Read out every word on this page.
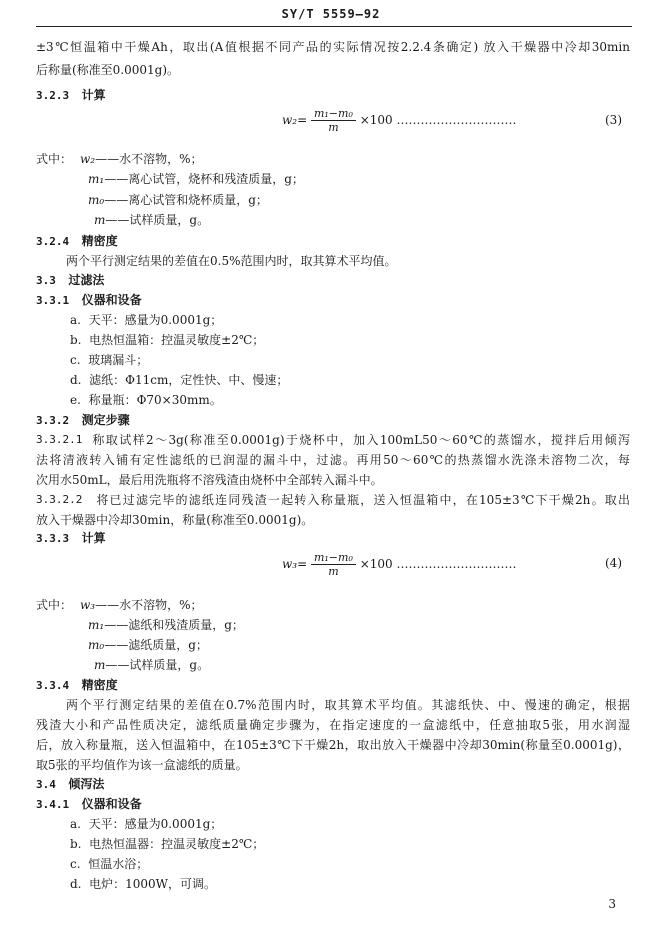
SY/T 5559—92
±3℃恒温箱中干燥Ah，取出(A值根据不同产品的实际情况按2.2.4条确定) 放入干燥器中冷却30min
后称量(称准至0.0001g)。
3.2.3 计算
$w_2= \frac{\text{m₁−m₀}}{m} \times 100$ …………………………	(3)
式中： w₂——水不溶物，%；
m₁——离心试管，烧杯和残渣质量，g；
m₀——离心试管和烧杯质量，g；
m——试样质量，g。
3.2.4 精密度
两个平行测定结果的差值在0.5%范围内时，取其算术平均值。
3.3 过滤法
3.3.1 仪器和设备
a. 天平：感量为0.0001g；
b. 电热恒温箱：控温灵敏度±2℃；
c. 玻璃漏斗；
d. 滤纸：Φ11cm，定性快、中、慢速；
e. 称量瓶：Φ70×30mm。
3.3.2 测定步骤
3.3.2.1 称取试样2～3g(称准至0.0001g)于烧杯中，加入100mL50～60℃的蒸馏水，搅拌后用倾泻
法将清液转入铺有定性滤纸的已润湿的漏斗中，过滤。再用50～60℃的热蒸馏水洗涤未溶物二次，每
次用水50mL，最后用洗瓶将不溶残渣由烧杯中全部转入漏斗中。
3.3.2.2 将已过滤完毕的滤纸连同残渣一起转入称量瓶，送入恒温箱中，在105±3℃下干燥2h。取出
放入干燥器中冷却30min，称量(称准至0.0001g)。
3.3.3 计算
$w_3= \frac{\text{m₁−m₀}}{m} \times 100$ …………………………	(4)
式中： w₃——水不溶物，%；
m₁——滤纸和残渣质量，g；
m₀——滤纸质量，g；
m——试样质量，g。
3.3.4 精密度
两个平行测定结果的差值在0.7%范围内时，取其算术平均值。其滤纸快、中、慢速的确定，根据
残渣大小和产品性质决定，滤纸质量确定步骤为，在指定速度的一盒滤纸中，任意抽取5张，用水润湿
后，放入称量瓶，送入恒温箱中，在105±3℃下干燥2h，取出放入干燥器中冷却30min(称量至0.0001g)，
取5张的平均值作为该一盒滤纸的质量。
3.4 倾泻法
3.4.1 仪器和设备
a. 天平：感量为0.0001g；
b. 电热恒温器：控温灵敏度±2℃；
c. 恒温水浴；
d. 电炉：1000W，可调。
3
